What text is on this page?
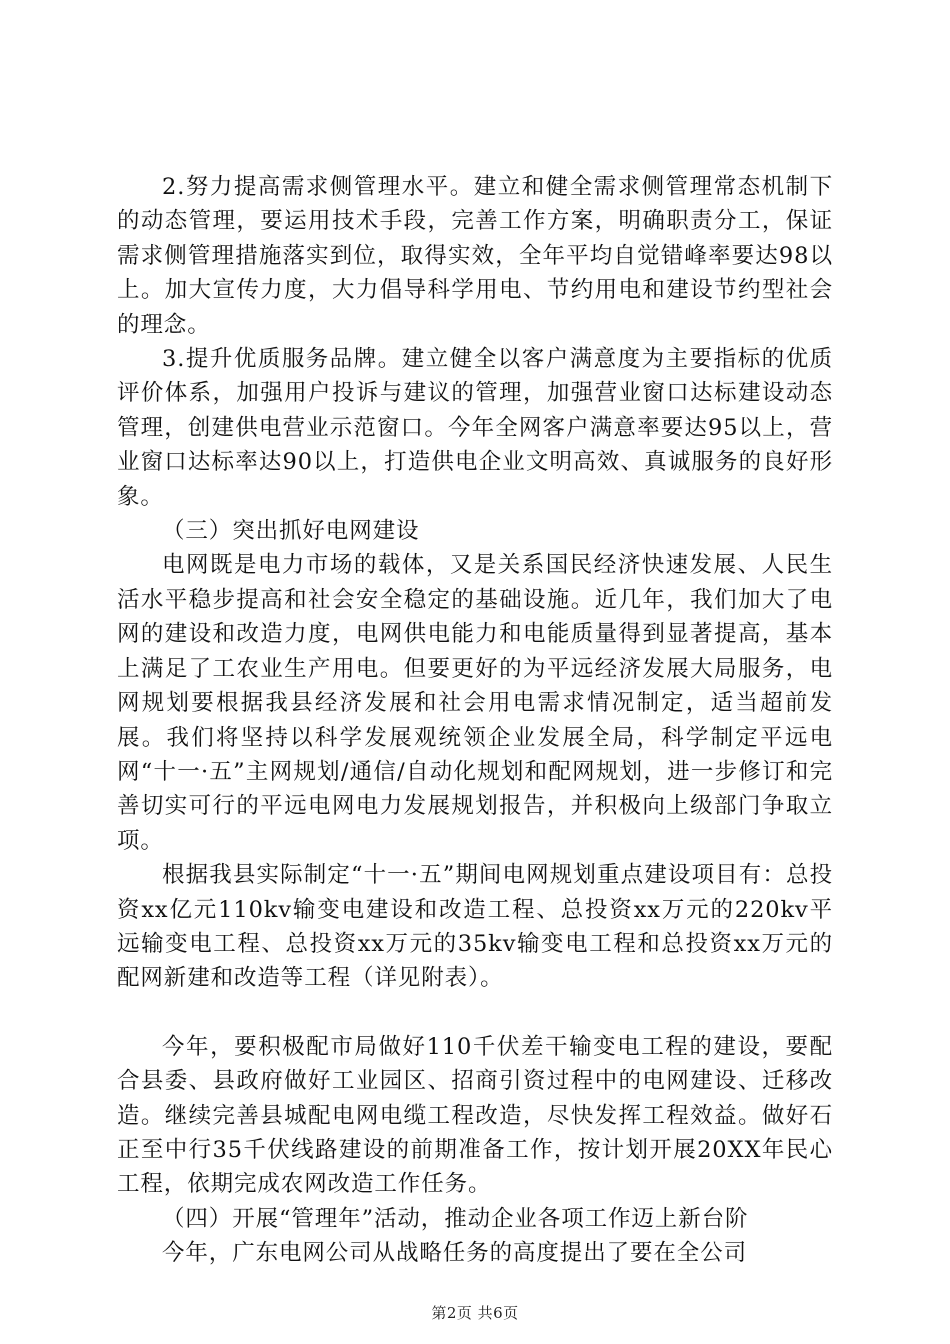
2.努力提高需求侧管理水平。建立和健全需求侧管理常态机制下的动态管理，要运用技术手段，完善工作方案，明确职责分工，保证需求侧管理措施落实到位，取得实效，全年平均自觉错峰率要达98以上。加大宣传力度，大力倡导科学用电、节约用电和建设节约型社会的理念。

3.提升优质服务品牌。建立健全以客户满意度为主要指标的优质评价体系，加强用户投诉与建议的管理，加强营业窗口达标建设动态管理，创建供电营业示范窗口。今年全网客户满意率要达95以上，营业窗口达标率达90以上，打造供电企业文明高效、真诚服务的良好形象。

（三）突出抓好电网建设

电网既是电力市场的载体，又是关系国民经济快速发展、人民生活水平稳步提高和社会安全稳定的基础设施。近几年，我们加大了电网的建设和改造力度，电网供电能力和电能质量得到显著提高，基本上满足了工农业生产用电。但要更好的为平远经济发展大局服务，电网规划要根据我县经济发展和社会用电需求情况制定，适当超前发展。我们将坚持以科学发展观统领企业发展全局，科学制定平远电网“十一·五”主网规划/通信/自动化规划和配网规划，进一步修订和完善切实可行的平远电网电力发展规划报告，并积极向上级部门争取立项。

根据我县实际制定“十一·五”期间电网规划重点建设项目有：总投资xx亿元110kv输变电建设和改造工程、总投资xx万元的220kv平远输变电工程、总投资xx万元的35kv输变电工程和总投资xx万元的配网新建和改造等工程（详见附表）。

今年，要积极配市局做好110千伏差干输变电工程的建设，要配合县委、县政府做好工业园区、招商引资过程中的电网建设、迁移改造。继续完善县城配电网电缆工程改造，尽快发挥工程效益。做好石正至中行35千伏线路建设的前期准备工作，按计划开展20XX年民心工程，依期完成农网改造工作任务。

（四）开展“管理年”活动，推动企业各项工作迈上新台阶

今年，广东电网公司从战略任务的高度提出了要在全公司

第2页 共6页
